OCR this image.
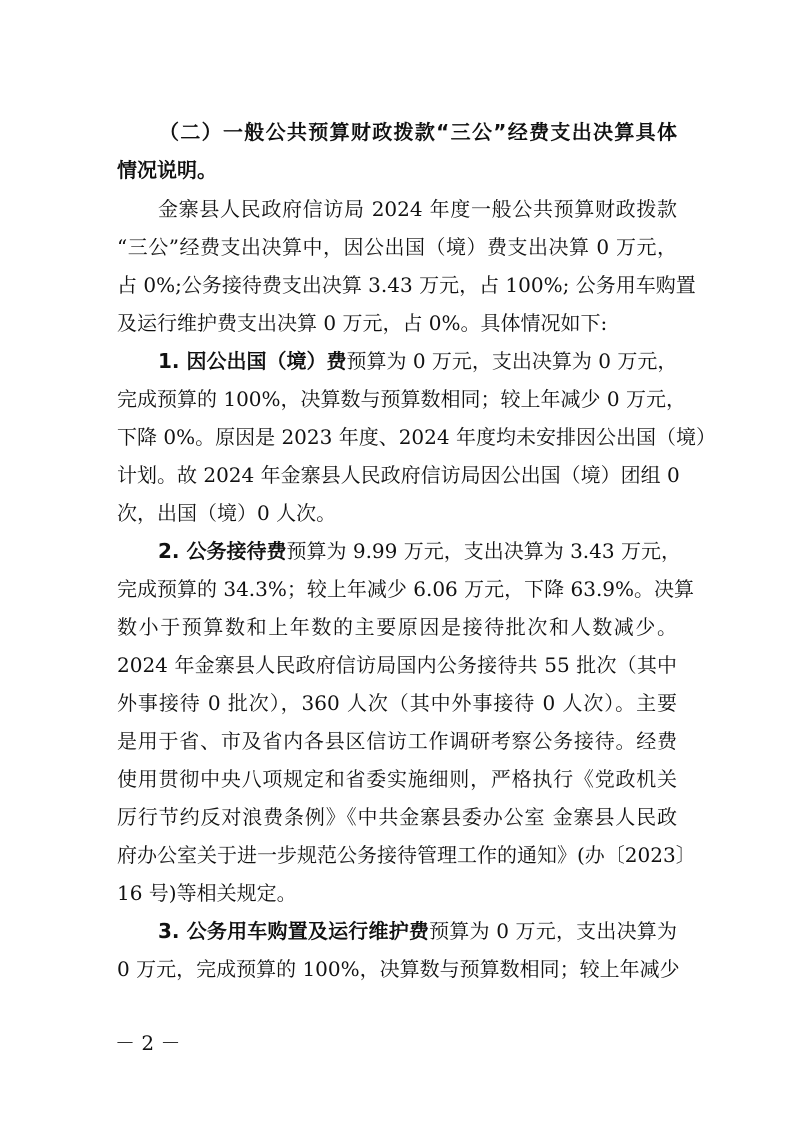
（二）一般公共预算财政拨款“三公”经费支出决算具体
情况说明。
金寨县人民政府信访局 2024 年度一般公共预算财政拨款
“三公”经费支出决算中，因公出国（境）费支出决算 0 万元，
占 0%;公务接待费支出决算 3.43 万元，占 100%; 公务用车购置
及运行维护费支出决算 0 万元，占 0%。具体情况如下:
1. 因公出国（境）费预算为 0 万元，支出决算为 0 万元，
完成预算的 100%，决算数与预算数相同；较上年减少 0 万元，
下降 0%。原因是 2023 年度、2024 年度均未安排因公出国（境）
计划。故 2024 年金寨县人民政府信访局因公出国（境）团组 0
次，出国（境）0 人次。
2. 公务接待费预算为 9.99 万元，支出决算为 3.43 万元，
完成预算的 34.3%；较上年减少 6.06 万元，下降 63.9%。决算
数小于预算数和上年数的主要原因是接待批次和人数减少。
2024 年金寨县人民政府信访局国内公务接待共 55 批次（其中
外事接待 0 批次），360 人次（其中外事接待 0 人次）。主要
是用于省、市及省内各县区信访工作调研考察公务接待。经费
使用贯彻中央八项规定和省委实施细则，严格执行《党政机关
厉行节约反对浪费条例》《中共金寨县委办公室 金寨县人民政
府办公室关于进一步规范公务接待管理工作的通知》(办〔2023〕
16 号)等相关规定。
3. 公务用车购置及运行维护费预算为 0 万元，支出决算为
0 万元，完成预算的 100%，决算数与预算数相同；较上年减少
－ 2 －
